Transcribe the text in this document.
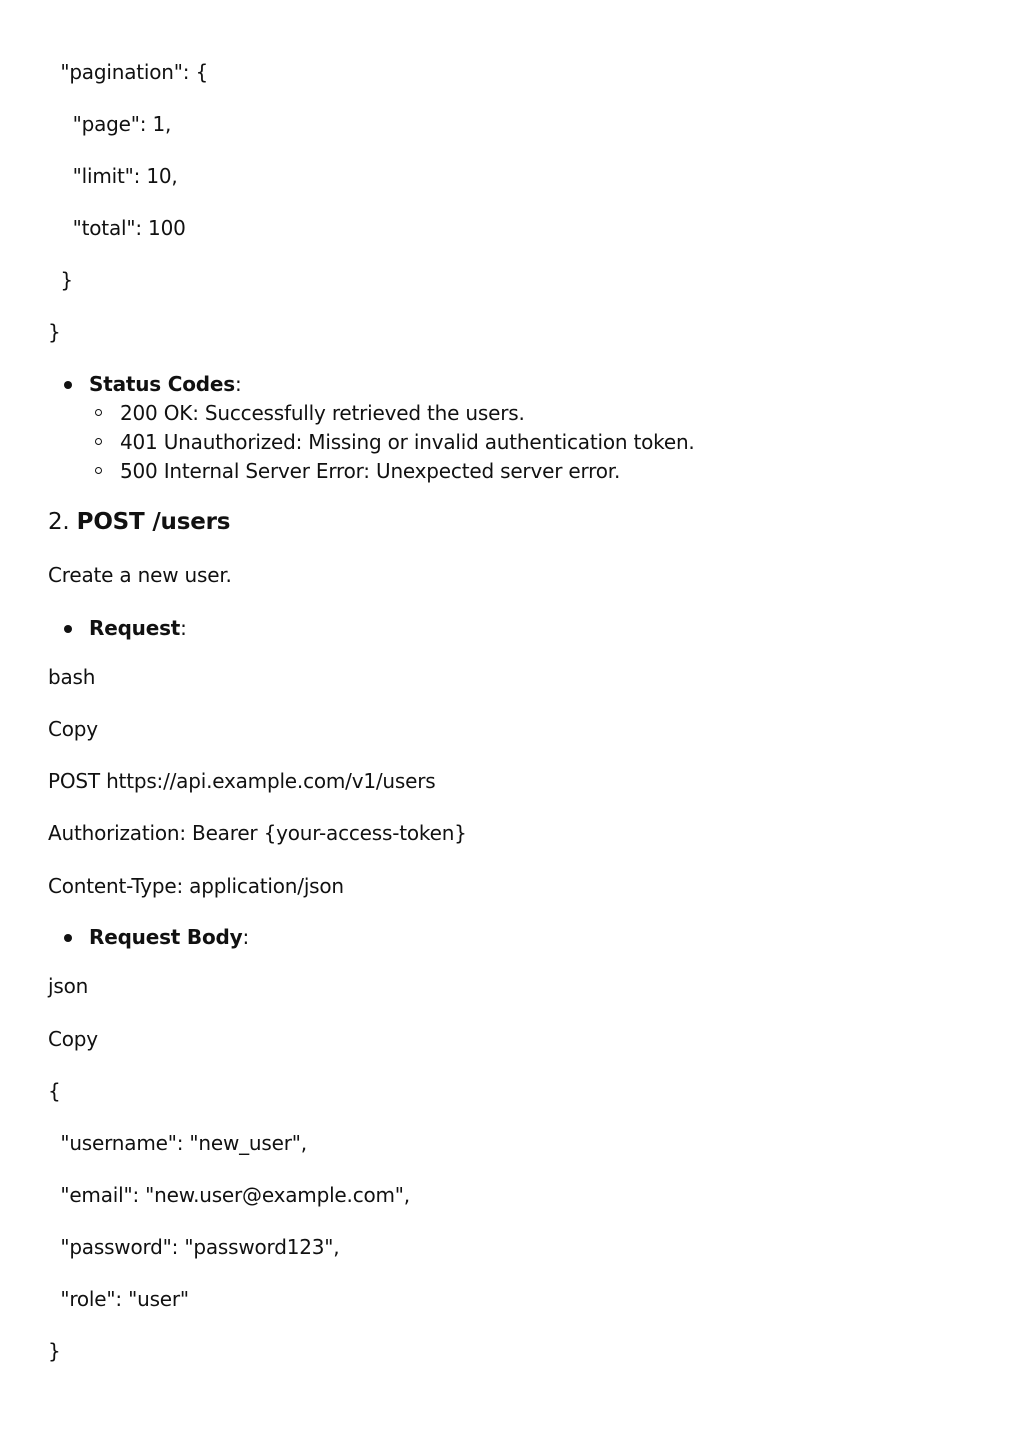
"pagination": {
"page": 1,
"limit": 10,
"total": 100
}
}

Status Codes:

200 OK: Successfully retrieved the users.

401 Unauthorized: Missing or invalid authentication token.

500 Internal Server Error: Unexpected server error.

2. POST /users
Create a new user.

Request:

bash
Copy
POST https://api.example.com/v1/users
Authorization: Bearer {your-access-token}
Content-Type: application/json

Request Body:

json
Copy
{
"username": "new_user",
"email": "new.user@example.com",
"password": "password123",
"role": "user"
}
